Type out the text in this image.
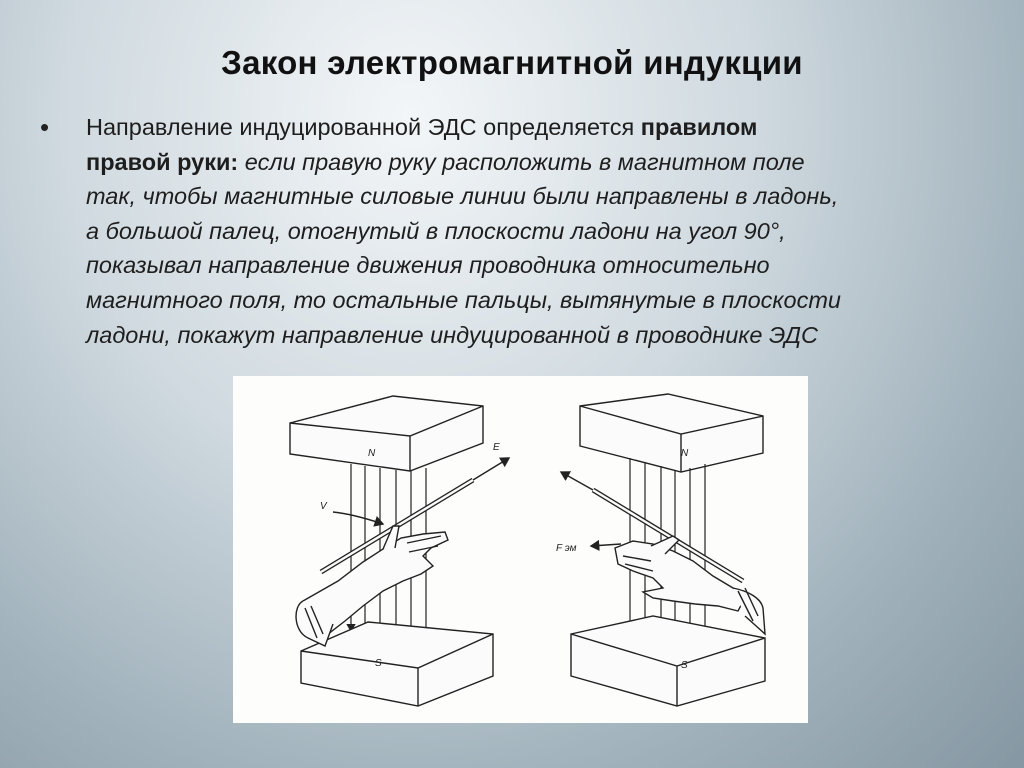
Закон электромагнитной индукции
• Направление индуцированной ЭДС определяется правилом
правой руки: если правую руку расположить в магнитном поле
так, чтобы магнитные силовые линии были направлены в ладонь,
а большой палец, отогнутый в плоскости ладони на угол 90°,
показывал направление движения проводника относительно
магнитного поля, то остальные пальцы, вытянутые в плоскости
ладони, покажут направление индуцированной в проводнике ЭДС
N
S
V
E
N
S
F эм
